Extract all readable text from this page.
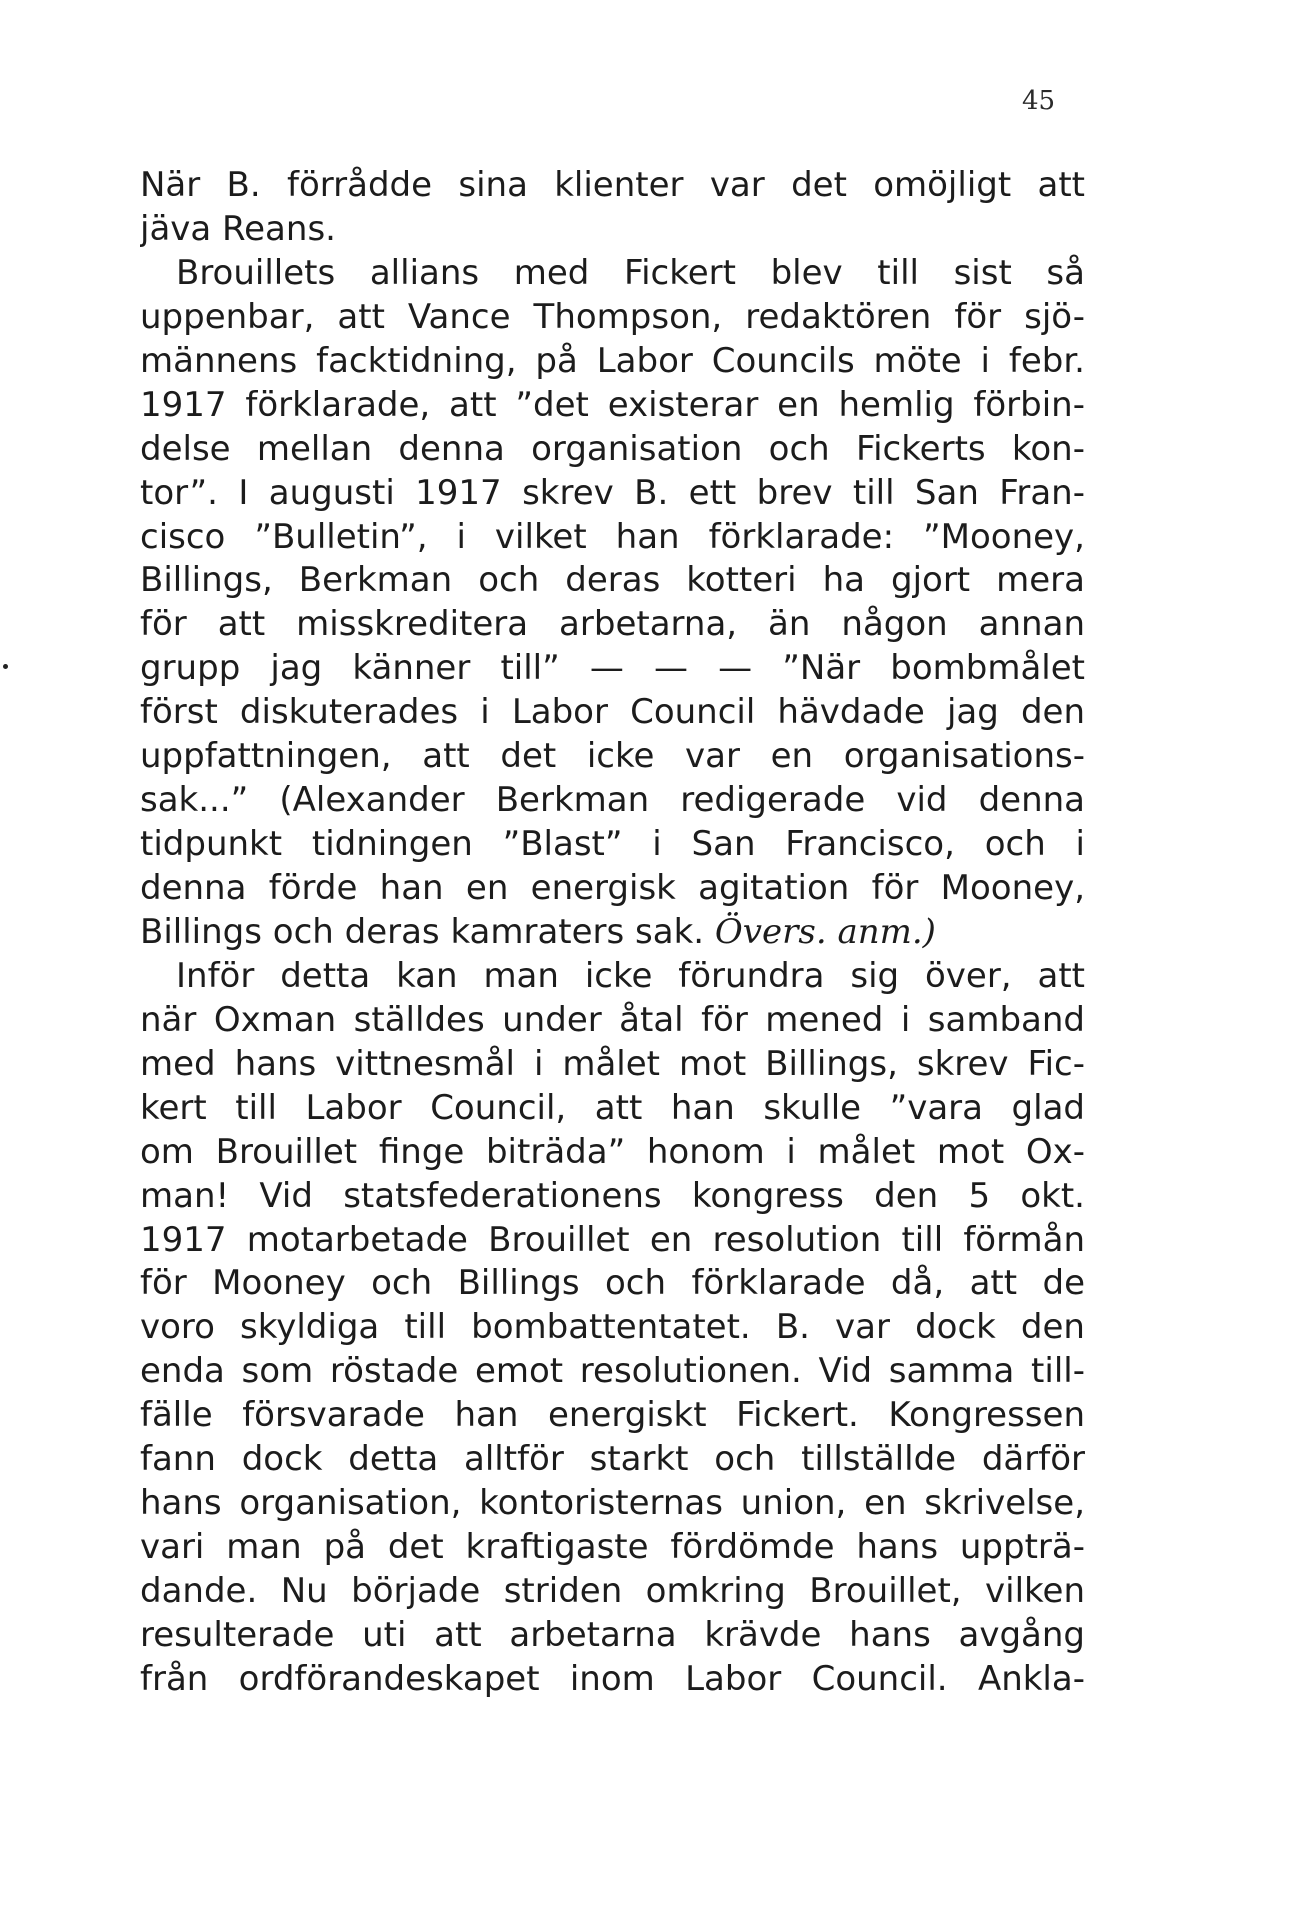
45
När B. förrådde sina klienter var det omöjligt att
jäva Reans.
Brouillets allians med Fickert blev till sist så
uppenbar, att Vance Thompson, redaktören för sjö-
männens facktidning, på Labor Councils möte i febr.
1917 förklarade, att ”det existerar en hemlig förbin-
delse mellan denna organisation och Fickerts kon-
tor”. I augusti 1917 skrev B. ett brev till San Fran-
cisco ”Bulletin”, i vilket han förklarade: ”Mooney,
Billings, Berkman och deras kotteri ha gjort mera
för att misskreditera arbetarna, än någon annan
grupp jag känner till” — — — ”När bombmålet
först diskuterades i Labor Council hävdade jag den
uppfattningen, att det icke var en organisations-
sak...” (Alexander Berkman redigerade vid denna
tidpunkt tidningen ”Blast” i San Francisco, och i
denna förde han en energisk agitation för Mooney,
Billings och deras kamraters sak. Övers. anm.)
Inför detta kan man icke förundra sig över, att
när Oxman ställdes under åtal för mened i samband
med hans vittnesmål i målet mot Billings, skrev Fic-
kert till Labor Council, att han skulle ”vara glad
om Brouillet finge biträda” honom i målet mot Ox-
man! Vid statsfederationens kongress den 5 okt.
1917 motarbetade Brouillet en resolution till förmån
för Mooney och Billings och förklarade då, att de
voro skyldiga till bombattentatet. B. var dock den
enda som röstade emot resolutionen. Vid samma till-
fälle försvarade han energiskt Fickert. Kongressen
fann dock detta alltför starkt och tillställde därför
hans organisation, kontoristernas union, en skrivelse,
vari man på det kraftigaste fördömde hans uppträ-
dande. Nu började striden omkring Brouillet, vilken
resulterade uti att arbetarna krävde hans avgång
från ordförandeskapet inom Labor Council. Ankla-
